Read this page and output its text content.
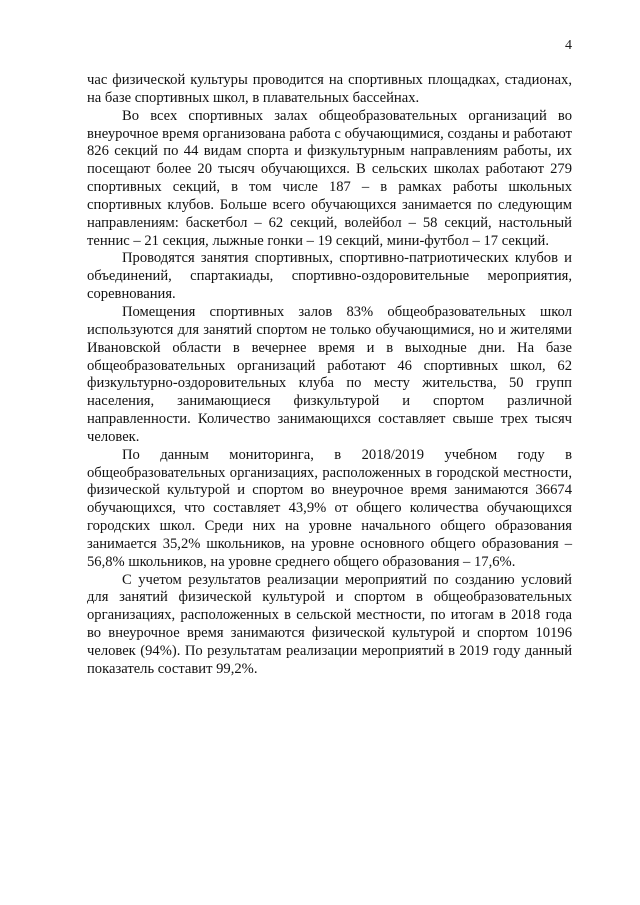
4

час физической культуры проводится на спортивных площадках, стадионах, на базе спортивных школ, в плавательных бассейнах.

Во всех спортивных залах общеобразовательных организаций во внеурочное время организована работа с обучающимися, созданы и работают 826 секций по 44 видам спорта и физкультурным направлениям работы, их посещают более 20 тысяч обучающихся. В сельских школах работают 279 спортивных секций, в том числе 187 – в рамках работы школьных спортивных клубов. Больше всего обучающихся занимается по следующим направлениям: баскетбол – 62 секций, волейбол – 58 секций, настольный теннис – 21 секция, лыжные гонки – 19 секций, мини-футбол – 17 секций.

Проводятся занятия спортивных, спортивно-патриотических клубов и объединений, спартакиады, спортивно-оздоровительные мероприятия, соревнования.

Помещения спортивных залов 83% общеобразовательных школ используются для занятий спортом не только обучающимися, но и жителями Ивановской области в вечернее время и в выходные дни. На базе общеобразовательных организаций работают 46 спортивных школ, 62 физкультурно-оздоровительных клуба по месту жительства, 50 групп населения, занимающиеся физкультурой и спортом различной направленности. Количество занимающихся составляет свыше трех тысяч человек.

По данным мониторинга, в 2018/2019 учебном году в общеобразовательных организациях, расположенных в городской местности, физической культурой и спортом во внеурочное время занимаются 36674 обучающихся, что составляет 43,9% от общего количества обучающихся городских школ. Среди них на уровне начального общего образования занимается 35,2% школьников, на уровне основного общего образования – 56,8% школьников, на уровне среднего общего образования – 17,6%.

С учетом результатов реализации мероприятий по созданию условий для занятий физической культурой и спортом в общеобразовательных организациях, расположенных в сельской местности, по итогам в 2018 года во внеурочное время занимаются физической культурой и спортом 10196 человек (94%). По результатам реализации мероприятий в 2019 году данный показатель составит 99,2%.
